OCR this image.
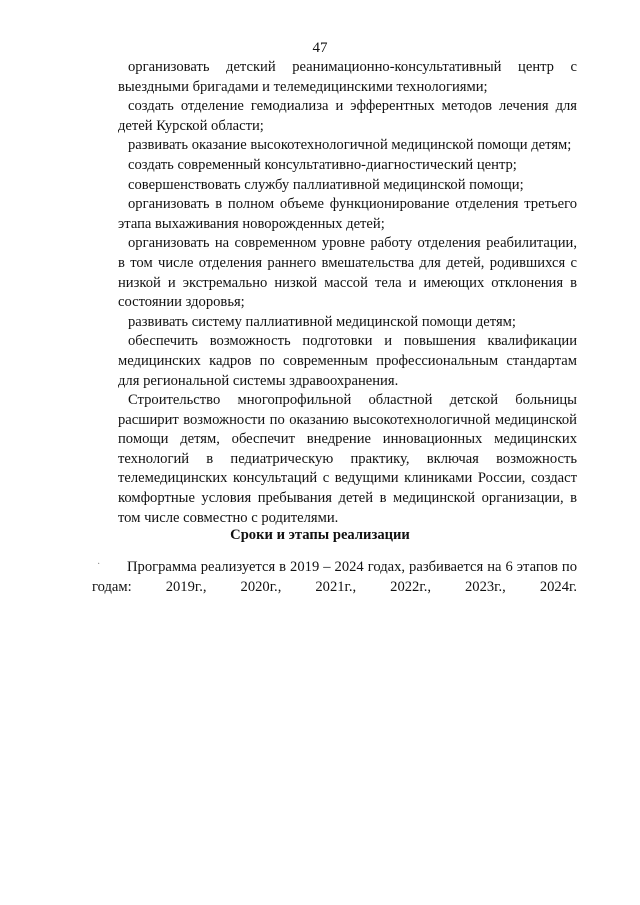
47

организовать детский реанимационно-консультативный центр с выездными бригадами и телемедицинскими технологиями;

создать отделение гемодиализа и эфферентных методов лечения для детей Курской области;

развивать оказание высокотехнологичной медицинской помощи детям;

создать современный консультативно-диагностический центр;

совершенствовать службу паллиативной медицинской помощи;

организовать в полном объеме функционирование отделения третьего этапа выхаживания новорожденных детей;

организовать на современном уровне работу отделения реабилитации, в том числе отделения раннего вмешательства для детей, родившихся с низкой и экстремально низкой массой тела и имеющих отклонения в состоянии здоровья;

развивать систему паллиативной медицинской помощи детям;

обеспечить возможность подготовки и повышения квалификации медицинских кадров по современным профессиональным стандартам для региональной системы здравоохранения.

Строительство многопрофильной областной детской больницы расширит возможности по оказанию высокотехнологичной медицинской помощи детям, обеспечит внедрение инновационных медицинских технологий в педиатрическую практику, включая возможность телемедицинских консультаций с ведущими клиниками России, создаст комфортные условия пребывания детей в медицинской организации, в том числе совместно с родителями.

Сроки и этапы реализации
·	Программа реализуется в 2019 – 2024 годах, разбивается на 6 этапов по годам: 2019г., 2020г., 2021г., 2022г., 2023г., 2024г.
